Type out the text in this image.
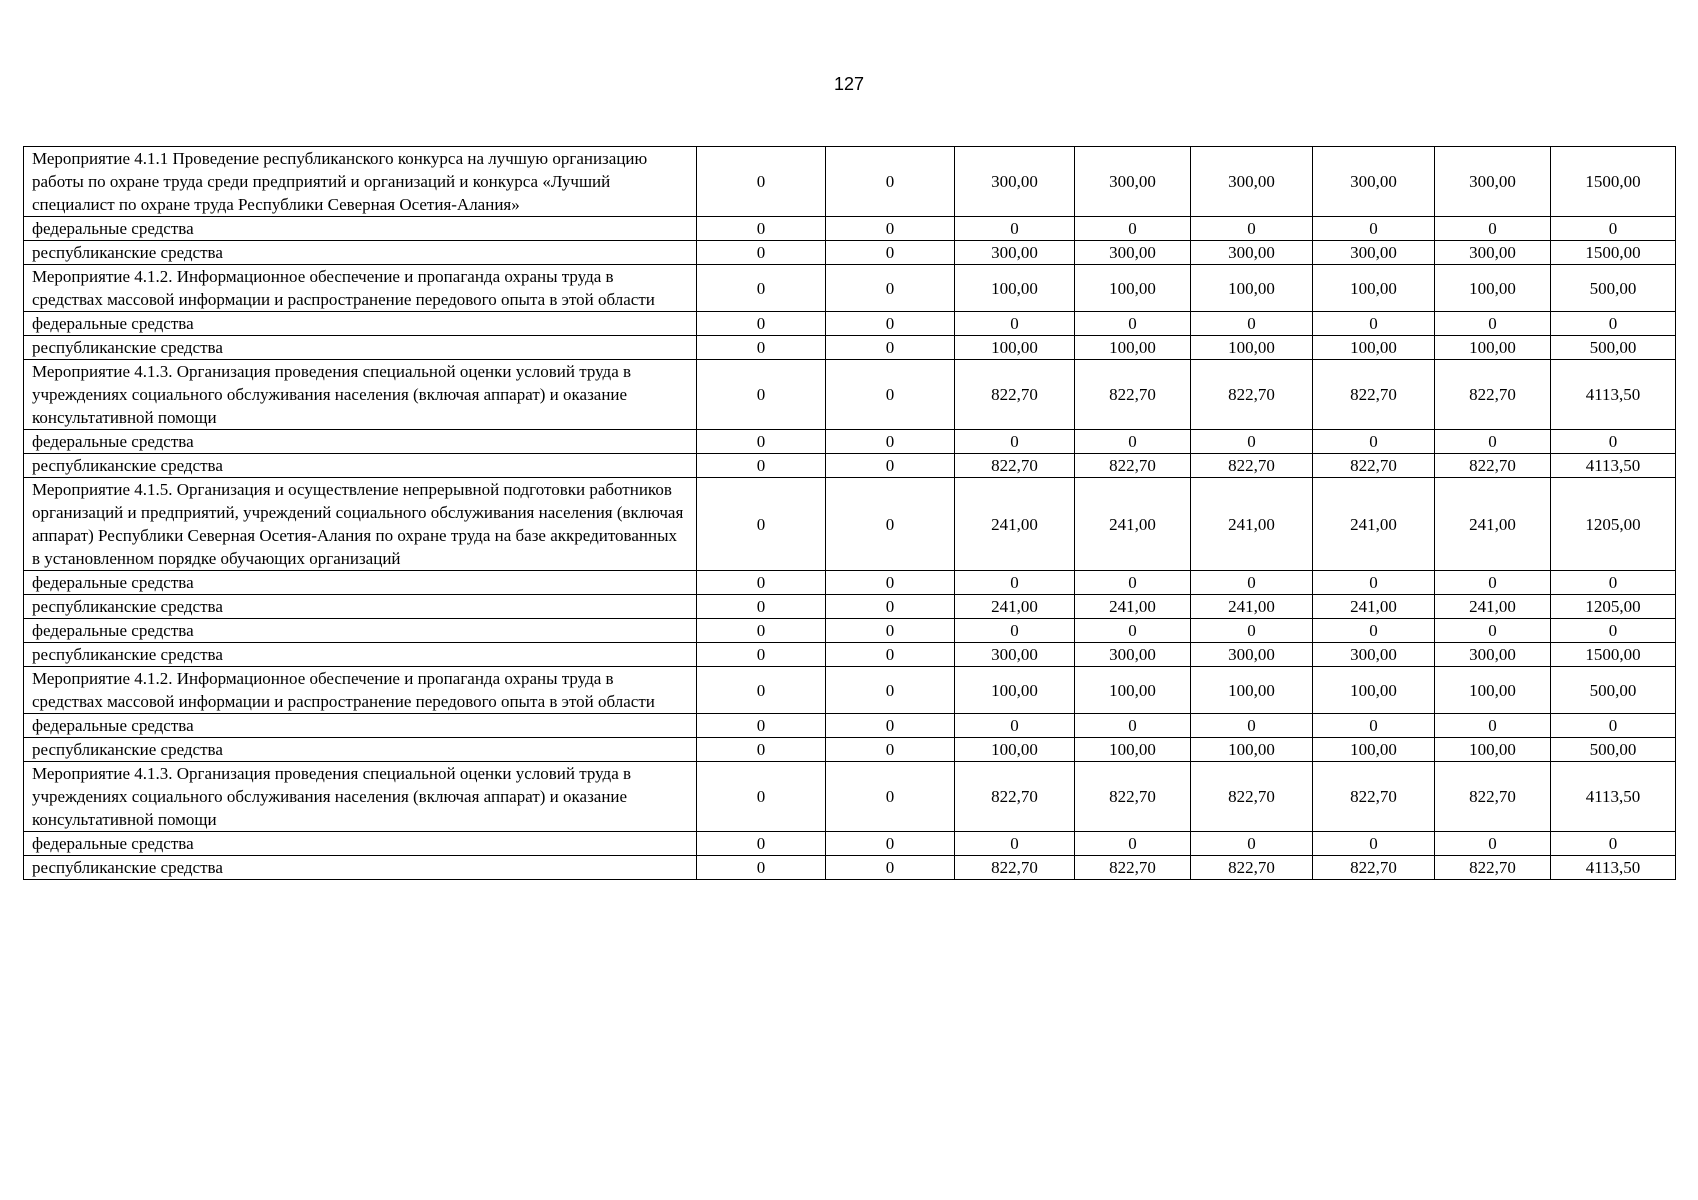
127
Мероприятие 4.1.1 Проведение республиканского конкурса на лучшую организацию работы по охране труда среди предприятий и организаций и конкурса «Лучший специалист по охране труда Республики Северная Осетия-Алания»	0	0	300,00	300,00	300,00	300,00	300,00	1500,00
федеральные средства	0	0	0	0	0	0	0	0
республиканские средства	0	0	300,00	300,00	300,00	300,00	300,00	1500,00
Мероприятие 4.1.2. Информационное обеспечение и пропаганда охраны труда в средствах массовой информации и распространение передового опыта в этой области	0	0	100,00	100,00	100,00	100,00	100,00	500,00
федеральные средства	0	0	0	0	0	0	0	0
республиканские средства	0	0	100,00	100,00	100,00	100,00	100,00	500,00
Мероприятие 4.1.3. Организация проведения специальной оценки условий труда в учреждениях социального обслуживания населения (включая аппарат) и оказание консультативной помощи	0	0	822,70	822,70	822,70	822,70	822,70	4113,50
федеральные средства	0	0	0	0	0	0	0	0
республиканские средства	0	0	822,70	822,70	822,70	822,70	822,70	4113,50
Мероприятие 4.1.5. Организация и осуществление непрерывной подготовки работников организаций и предприятий, учреждений социального обслуживания населения (включая аппарат) Республики Северная Осетия-Алания по охране труда на базе аккредитованных в установленном порядке обучающих организаций	0	0	241,00	241,00	241,00	241,00	241,00	1205,00
федеральные средства	0	0	0	0	0	0	0	0
республиканские средства	0	0	241,00	241,00	241,00	241,00	241,00	1205,00
федеральные средства	0	0	0	0	0	0	0	0
республиканские средства	0	0	300,00	300,00	300,00	300,00	300,00	1500,00
Мероприятие 4.1.2. Информационное обеспечение и пропаганда охраны труда в средствах массовой информации и распространение передового опыта в этой области	0	0	100,00	100,00	100,00	100,00	100,00	500,00
федеральные средства	0	0	0	0	0	0	0	0
республиканские средства	0	0	100,00	100,00	100,00	100,00	100,00	500,00
Мероприятие 4.1.3. Организация проведения специальной оценки условий труда в учреждениях социального обслуживания населения (включая аппарат) и оказание консультативной помощи	0	0	822,70	822,70	822,70	822,70	822,70	4113,50
федеральные средства	0	0	0	0	0	0	0	0
республиканские средства	0	0	822,70	822,70	822,70	822,70	822,70	4113,50
